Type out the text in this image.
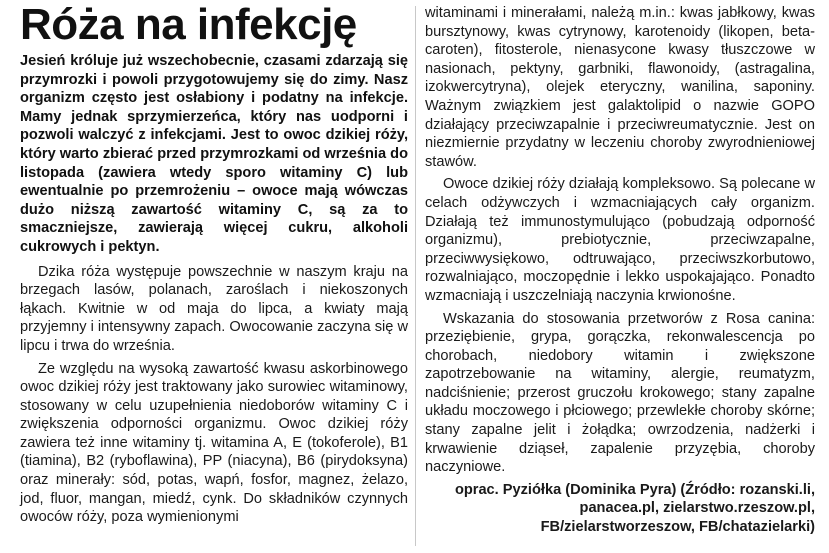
Róża na infekcję

Jesień króluje już wszechobecnie, czasami zdarzają się przymrozki i powoli przygotowujemy się do zimy. Nasz organizm często jest osłabiony i podatny na infekcje. Mamy jednak sprzymierzeńca, który nas uodporni i pozwoli walczyć z infekcjami. Jest to owoc dzikiej róży, który warto zbierać przed przymrozkami od września do listopada (zawiera wtedy sporo witaminy C) lub ewentualnie po przemrożeniu – owoce mają wówczas dużo niższą zawartość witaminy C, są za to smaczniejsze, zawierają więcej cukru, alkoholi cukrowych i pektyn.

Dzika róża występuje powszechnie w naszym kraju na brzegach lasów, polanach, zaroślach i niekoszonych łąkach. Kwitnie w od maja do lipca, a kwiaty mają przyjemny i intensywny zapach. Owocowanie zaczyna się w lipcu i trwa do września.

Ze względu na wysoką zawartość kwasu askorbinowego owoc dzikiej róży jest traktowany jako surowiec witaminowy, stosowany w celu uzupełnienia niedoborów witaminy C i zwiększenia odporności organizmu. Owoc dzikiej róży zawiera też inne witaminy tj. witamina A, E (tokoferole), B1 (tiamina), B2 (ryboflawina), PP (niacyna), B6 (pirydoksyna) oraz minerały: sód, potas, wapń, fosfor, magnez, żelazo, jod, fluor, mangan, miedź, cynk. Do składników czynnych owoców róży, poza wymienionymi

witaminami i minerałami, należą m.in.: kwas jabłkowy, kwas bursztynowy, kwas cytrynowy, karotenoidy (likopen, beta-caroten), fitosterole, nienasycone kwasy tłuszczowe w nasionach, pektyny, garbniki, flawonoidy, (astragalina, izokwercytryna), olejek eteryczny, wanilina, saponiny. Ważnym związkiem jest galaktolipid o nazwie GOPO działający przeciwzapalnie i przeciwreumatycznie. Jest on niezmiernie przydatny w leczeniu choroby zwyrodnieniowej stawów.

Owoce dzikiej róży działają kompleksowo. Są polecane w celach odżywczych i wzmacniających cały organizm. Działają też immunostymulująco (pobudzają odporność organizmu), prebiotycznie, przeciwzapalne, przeciwwysiękowo, odtruwająco, przeciwszkorbutowo, rozwalniająco, moczopędnie i lekko uspokajająco. Ponadto wzmacniają i uszczelniają naczynia krwionośne.

Wskazania do stosowania przetworów z Rosa canina: przeziębienie, grypa, gorączka, rekonwalescencja po chorobach, niedobory witamin i zwiększone zapotrzebowanie na witaminy, alergie, reumatyzm, nadciśnienie; przerost gruczołu krokowego; stany zapalne układu moczowego i płciowego; przewlekłe choroby skórne; stany zapalne jelit i żołądka; owrzodzenia, nadżerki i krwawienie dziąseł, zapalenie przyzębia, choroby naczyniowe.

oprac. Pyziółka (Dominika Pyra) (Źródło: rozanski.li, panacea.pl, zielarstwo.rzeszow.pl, FB/zielarstworzeszow, FB/chatazielarki)
